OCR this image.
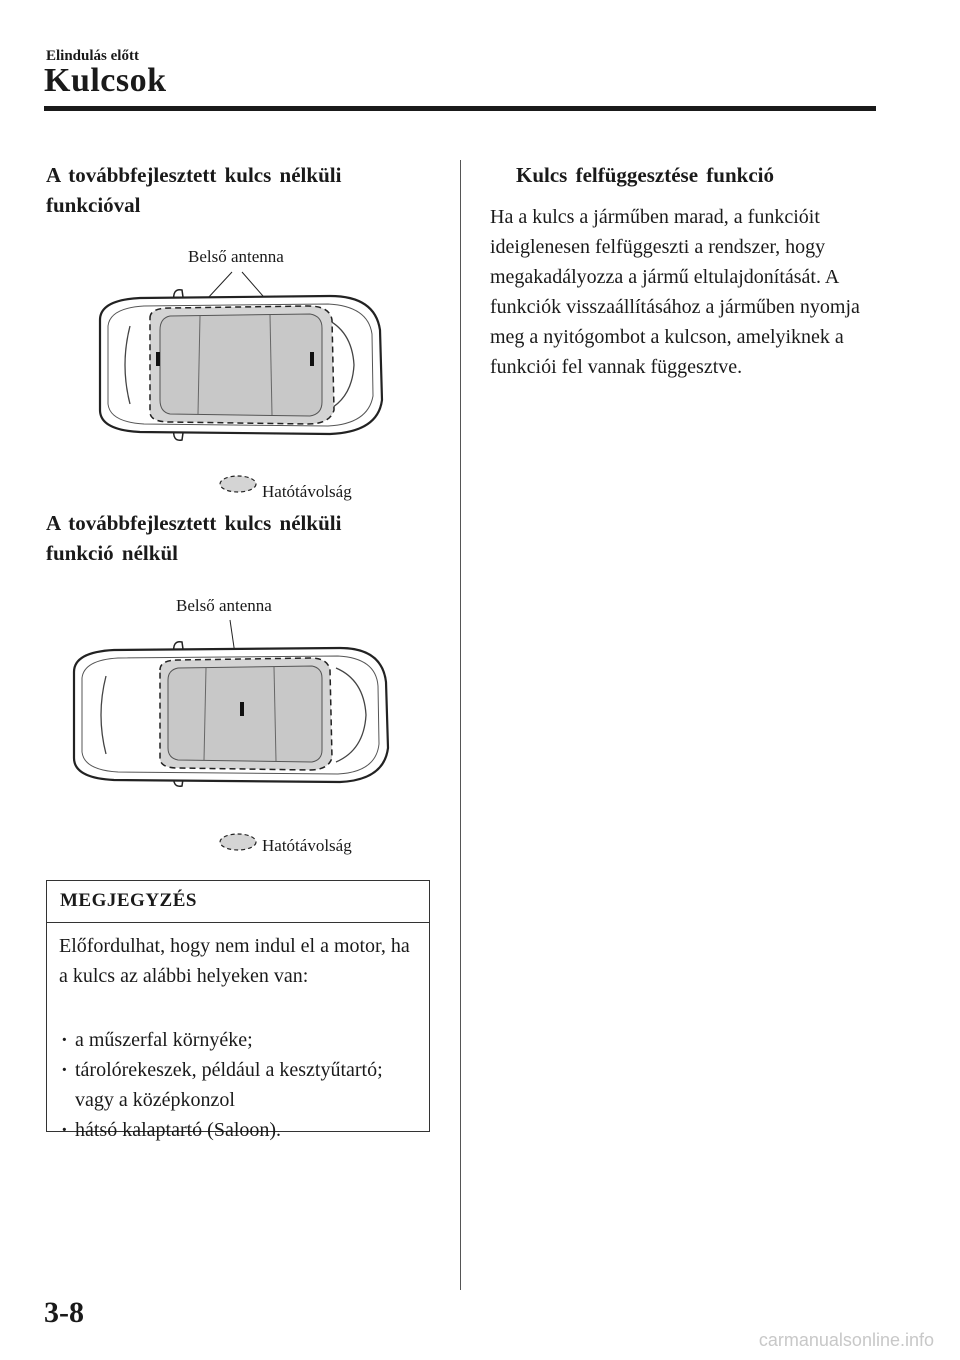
Elindulás előtt
Kulcsok
A továbbfejlesztett kulcs nélküli funkcióval
Belső antenna
Hatótávolság
A továbbfejlesztett kulcs nélküli funkció nélkül
Belső antenna
Hatótávolság
MEGJEGYZÉS
Előfordulhat, hogy nem indul el a motor, ha a kulcs az alábbi helyeken van:
· a műszerfal környéke;
· tárolórekeszek, például a kesztyűtartó; vagy a középkonzol
· hátsó kalaptartó (Saloon).
Kulcs felfüggesztése funkció
Ha a kulcs a járműben marad, a funkcióit ideiglenesen felfüggeszti a rendszer, hogy megakadályozza a jármű eltulajdonítását. A funkciók visszaállításához a járműben nyomja meg a nyitógombot a kulcson, amelyiknek a funkciói fel vannak függesztve.
3-8
carmanualsonline.info
